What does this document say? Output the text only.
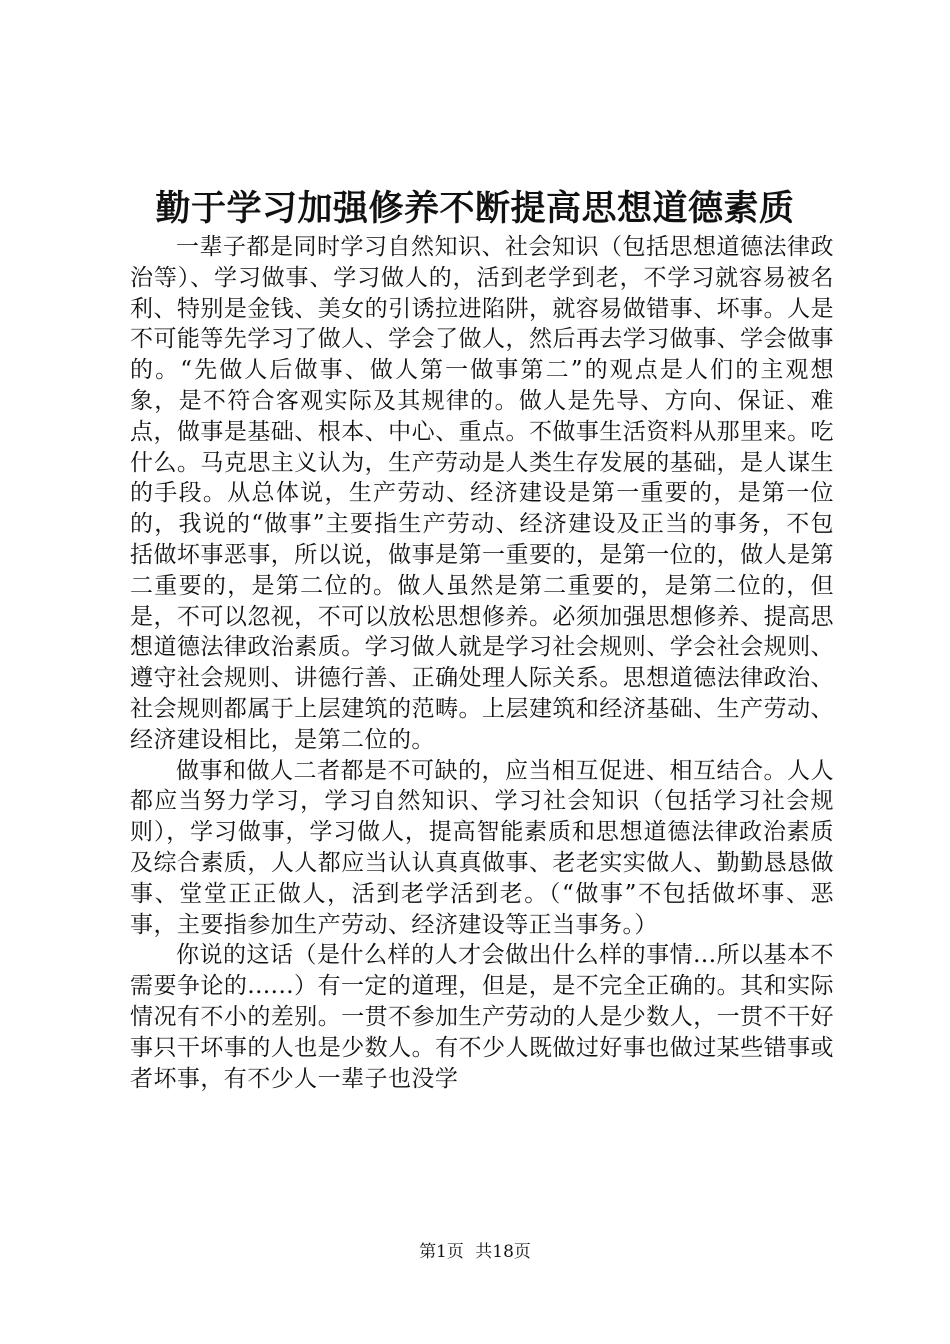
勤于学习加强修养不断提高思想道德素质

一辈子都是同时学习自然知识、社会知识（包括思想道德法律政治等）、学习做事、学习做人的，活到老学到老，不学习就容易被名利、特别是金钱、美女的引诱拉进陷阱，就容易做错事、坏事。人是不可能等先学习了做人、学会了做人，然后再去学习做事、学会做事的。“先做人后做事、做人第一做事第二”的观点是人们的主观想象，是不符合客观实际及其规律的。做人是先导、方向、保证、难点，做事是基础、根本、中心、重点。不做事生活资料从那里来。吃什么。马克思主义认为，生产劳动是人类生存发展的基础，是人谋生的手段。从总体说，生产劳动、经济建设是第一重要的，是第一位的，我说的“做事”主要指生产劳动、经济建设及正当的事务，不包括做坏事恶事，所以说，做事是第一重要的，是第一位的，做人是第二重要的，是第二位的。做人虽然是第二重要的，是第二位的，但是，不可以忽视，不可以放松思想修养。必须加强思想修养、提高思想道德法律政治素质。学习做人就是学习社会规则、学会社会规则、遵守社会规则、讲德行善、正确处理人际关系。思想道德法律政治、社会规则都属于上层建筑的范畴。上层建筑和经济基础、生产劳动、经济建设相比，是第二位的。

做事和做人二者都是不可缺的，应当相互促进、相互结合。人人都应当努力学习，学习自然知识、学习社会知识（包括学习社会规则），学习做事，学习做人，提高智能素质和思想道德法律政治素质及综合素质，人人都应当认认真真做事、老老实实做人、勤勤恳恳做事、堂堂正正做人，活到老学活到老。（“做事”不包括做坏事、恶事，主要指参加生产劳动、经济建设等正当事务。）

你说的这话（是什么样的人才会做出什么样的事情...所以基本不需要争论的......）有一定的道理，但是，是不完全正确的。其和实际情况有不小的差别。一贯不参加生产劳动的人是少数人，一贯不干好事只干坏事的人也是少数人。有不少人既做过好事也做过某些错事或者坏事，有不少人一辈子也没学

第1页 共18页
